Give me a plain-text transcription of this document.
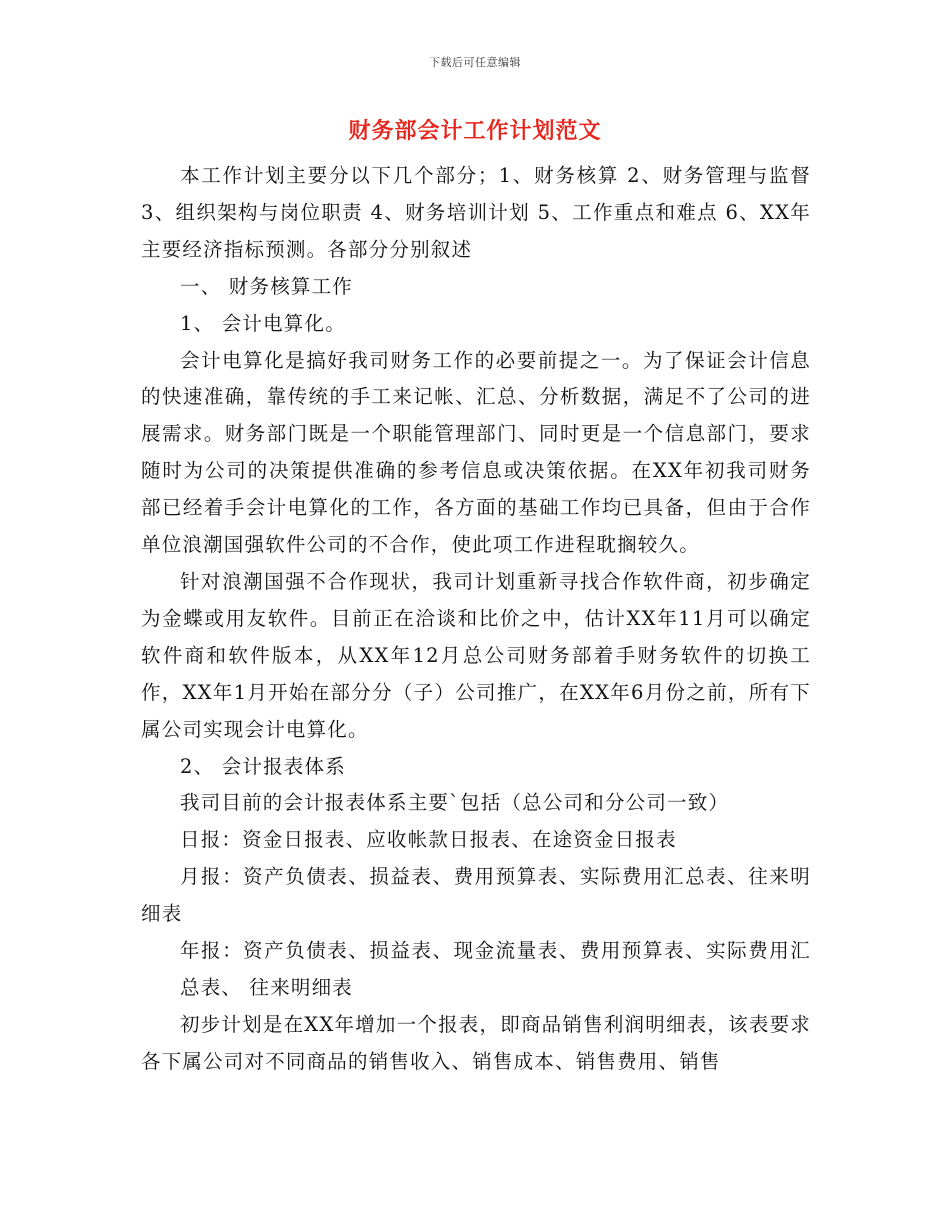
下载后可任意编辑
财务部会计工作计划范文

本工作计划主要分以下几个部分；1、财务核算 2、财务管理与监督 3、组织架构与岗位职责 4、财务培训计划 5、工作重点和难点 6、XX年主要经济指标预测。各部分分别叙述

一、 财务核算工作

1、 会计电算化。

会计电算化是搞好我司财务工作的必要前提之一。为了保证会计信息的快速准确，靠传统的手工来记帐、汇总、分析数据，满足不了公司的进展需求。财务部门既是一个职能管理部门、同时更是一个信息部门，要求随时为公司的决策提供准确的参考信息或决策依据。在XX年初我司财务部已经着手会计电算化的工作，各方面的基础工作均已具备，但由于合作单位浪潮国强软件公司的不合作，使此项工作进程耽搁较久。

针对浪潮国强不合作现状，我司计划重新寻找合作软件商，初步确定为金蝶或用友软件。目前正在洽谈和比价之中，估计XX年11月可以确定软件商和软件版本，从XX年12月总公司财务部着手财务软件的切换工作，XX年1月开始在部分分（子）公司推广，在XX年6月份之前，所有下属公司实现会计电算化。

2、 会计报表体系

我司目前的会计报表体系主要`包括（总公司和分公司一致）

日报：资金日报表、应收帐款日报表、在途资金日报表

月报：资产负债表、损益表、费用预算表、实际费用汇总表、往来明细表

年报：资产负债表、损益表、现金流量表、费用预算表、实际费用汇总表、 往来明细表

初步计划是在XX年增加一个报表，即商品销售利润明细表，该表要求各下属公司对不同商品的销售收入、销售成本、销售费用、销售
